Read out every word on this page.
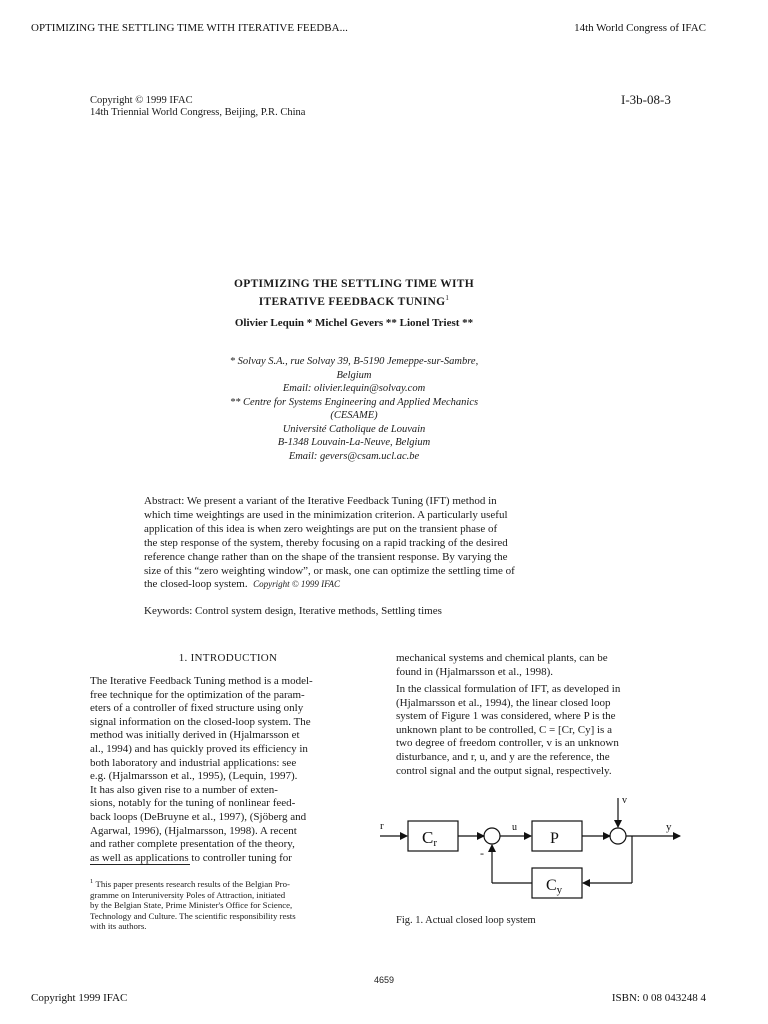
OPTIMIZING THE SETTLING TIME WITH ITERATIVE FEEDBA...	14th World Congress of IFAC
Copyright © 1999 IFAC
14th Triennial World Congress, Beijing, P.R. China
I-3b-08-3
OPTIMIZING THE SETTLING TIME WITH
ITERATIVE FEEDBACK TUNING$^1$
Olivier Lequin * Michel Gevers ** Lionel Triest **
* Solvay S.A., rue Solvay 39, B-5190 Jemeppe-sur-Sambre,
Belgium
Email: olivier.lequin@solvay.com
** Centre for Systems Engineering and Applied Mechanics
(CESAME)
Université Catholique de Louvain
B-1348 Louvain-La-Neuve, Belgium
Email: gevers@csam.ucl.ac.be
Abstract: We present a variant of the Iterative Feedback Tuning (IFT) method in
which time weightings are used in the minimization criterion. A particularly useful
application of this idea is when zero weightings are put on the transient phase of
the step response of the system, thereby focusing on a rapid tracking of the desired
reference change rather than on the shape of the transient response. By varying the
size of this “zero weighting window”, or mask, one can optimize the settling time of
the closed-loop system. Copyright © 1999 IFAC
Keywords: Control system design, Iterative methods, Settling times
1. INTRODUCTION
The Iterative Feedback Tuning method is a model-
free technique for the optimization of the param-
eters of a controller of fixed structure using only
signal information on the closed-loop system. The
method was initially derived in (Hjalmarsson et
al., 1994) and has quickly proved its efficiency in
both laboratory and industrial applications: see
e.g. (Hjalmarsson et al., 1995), (Lequin, 1997).
It has also given rise to a number of exten-
sions, notably for the tuning of nonlinear feed-
back loops (DeBruyne et al., 1997), (Sjöberg and
Agarwal, 1996), (Hjalmarsson, 1998). A recent
and rather complete presentation of the theory,
as well as applications to controller tuning for
$^1$ This paper presents research results of the Belgian Pro-
gramme on Interuniversity Poles of Attraction, initiated
by the Belgian State, Prime Minister's Office for Science,
Technology and Culture. The scientific responsibility rests
with its authors.
mechanical systems and chemical plants, can be
found in (Hjalmarsson et al., 1998).
In the classical formulation of IFT, as developed in
(Hjalmarsson et al., 1994), the linear closed loop
system of Figure 1 was considered, where P is the
unknown plant to be controlled, C = [Cr, Cy] is a
two degree of freedom controller, v is an unknown
disturbance, and r, u, and y are the reference, the
control signal and the output signal, respectively.
r
Cr
u
-
P
v
y
Cy
Fig. 1. Actual closed loop system
4659
Copyright 1999 IFAC	ISBN: 0 08 043248 4
